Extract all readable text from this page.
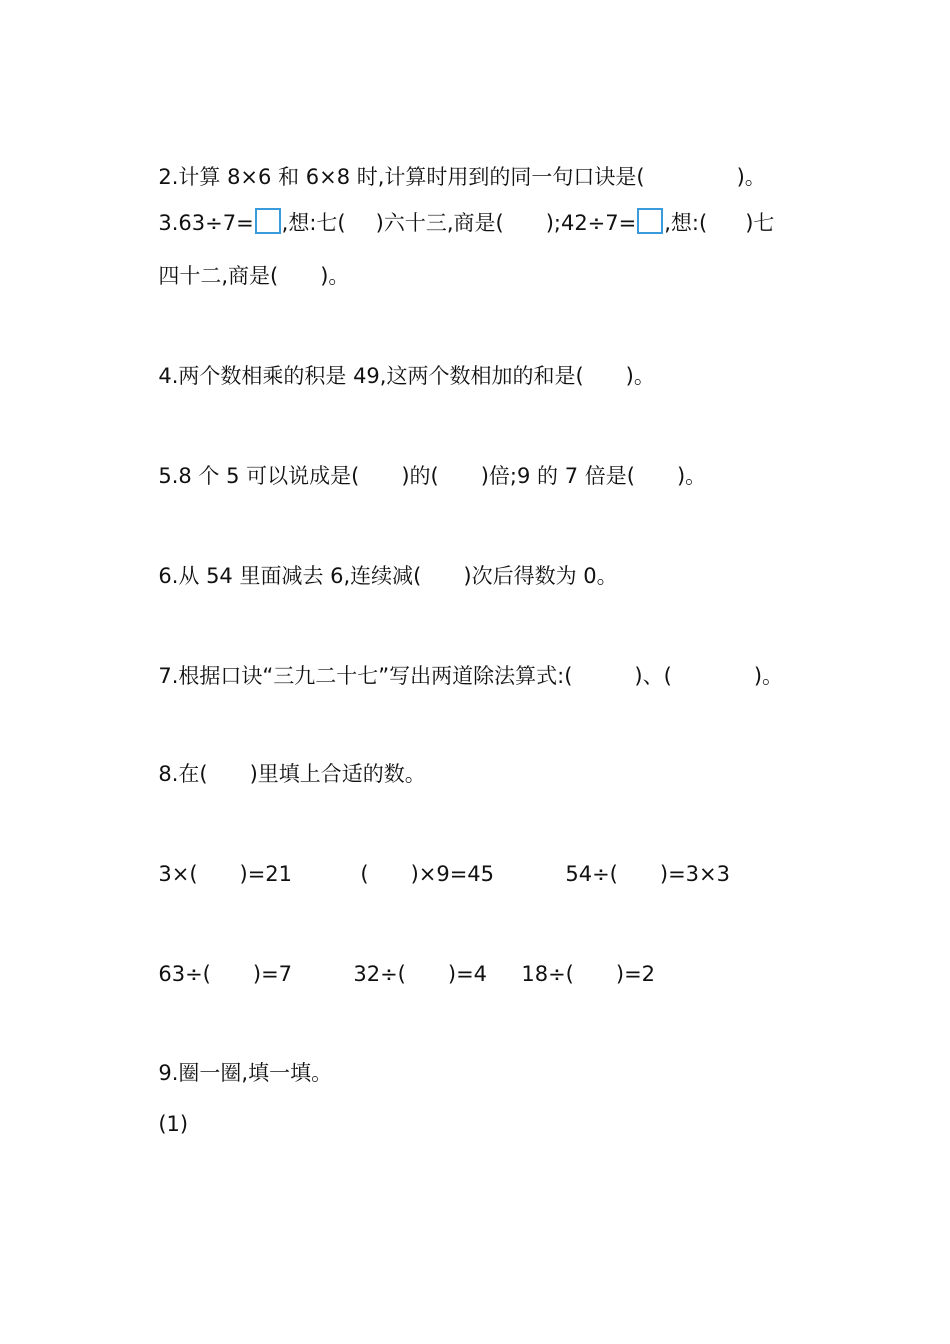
2.计算 8×6 和 6×8 时,计算时用到的同一句口诀是(	)。

3.63÷7= ,想:七( )六十三,商是( );42÷7= ,想:( )七

四十二,商是( )。

4.两个数相乘的积是 49,这两个数相加的和是( )。

5.8 个 5 可以说成是( )的( )倍;9 的 7 倍是( )。

6.从 54 里面减去 6,连续减( )次后得数为 0。

7.根据口诀“三九二十七”写出两道除法算式:(	)、(	)。

8.在( )里填上合适的数。

3×( )=21	( )×9=45	54÷( )=3×3

63÷( )=7	32÷( )=4	18÷( )=2

9.圈一圈,填一填。

(1)
